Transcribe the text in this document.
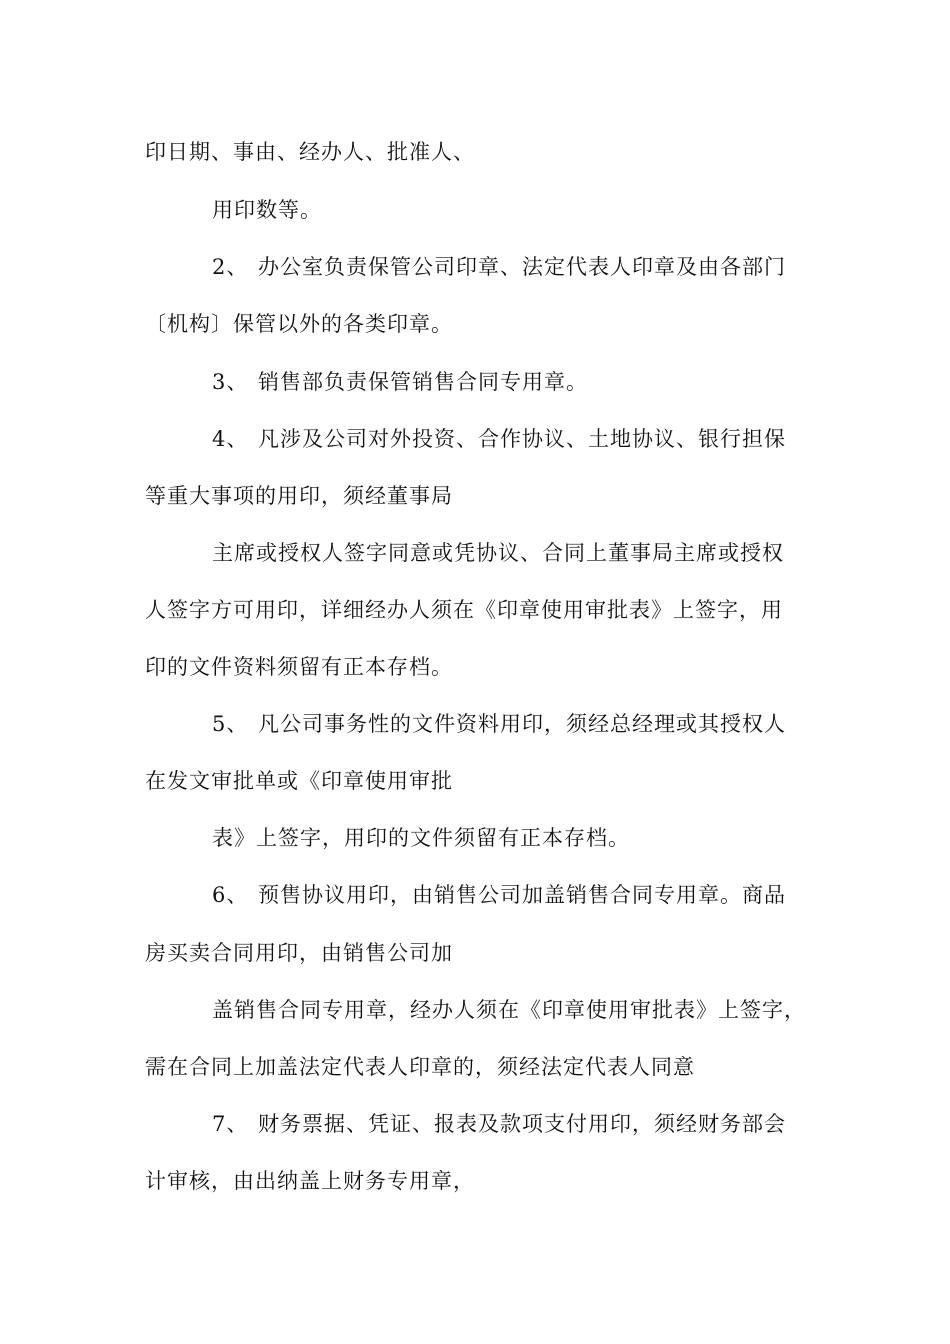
印日期、事由、经办人、批准人、
用印数等。
2、 办公室负责保管公司印章、法定代表人印章及由各部门
〔机构〕保管以外的各类印章。
3、 销售部负责保管销售合同专用章。
4、 凡涉及公司对外投资、合作协议、土地协议、银行担保
等重大事项的用印，须经董事局
主席或授权人签字同意或凭协议、合同上董事局主席或授权
人签字方可用印，详细经办人须在《印章使用审批表》上签字，用
印的文件资料须留有正本存档。
5、 凡公司事务性的文件资料用印，须经总经理或其授权人
在发文审批单或《印章使用审批
表》上签字，用印的文件须留有正本存档。
6、 预售协议用印，由销售公司加盖销售合同专用章。商品
房买卖合同用印，由销售公司加
盖销售合同专用章，经办人须在《印章使用审批表》上签字，
需在合同上加盖法定代表人印章的，须经法定代表人同意
7、 财务票据、凭证、报表及款项支付用印，须经财务部会
计审核，由出纳盖上财务专用章，
